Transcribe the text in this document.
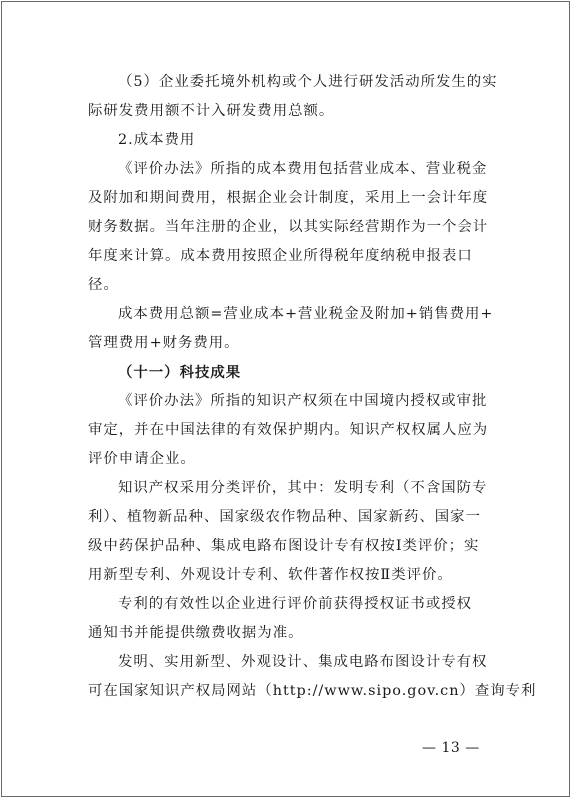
（5）企业委托境外机构或个人进行研发活动所发生的实
际研发费用额不计入研发费用总额。
2.成本费用
《评价办法》所指的成本费用包括营业成本、营业税金
及附加和期间费用，根据企业会计制度，采用上一会计年度
财务数据。当年注册的企业，以其实际经营期作为一个会计
年度来计算。成本费用按照企业所得税年度纳税申报表口
径。
成本费用总额=营业成本+营业税金及附加+销售费用+
管理费用+财务费用。
（十一）科技成果
《评价办法》所指的知识产权须在中国境内授权或审批
审定，并在中国法律的有效保护期内。知识产权权属人应为
评价申请企业。
知识产权采用分类评价，其中：发明专利（不含国防专
利）、植物新品种、国家级农作物品种、国家新药、国家一
级中药保护品种、集成电路布图设计专有权按Ⅰ类评价；实
用新型专利、外观设计专利、软件著作权按Ⅱ类评价。
专利的有效性以企业进行评价前获得授权证书或授权
通知书并能提供缴费收据为准。
发明、实用新型、外观设计、集成电路布图设计专有权
可在国家知识产权局网站（http://www.sipo.gov.cn）查询专利
— 13 —
